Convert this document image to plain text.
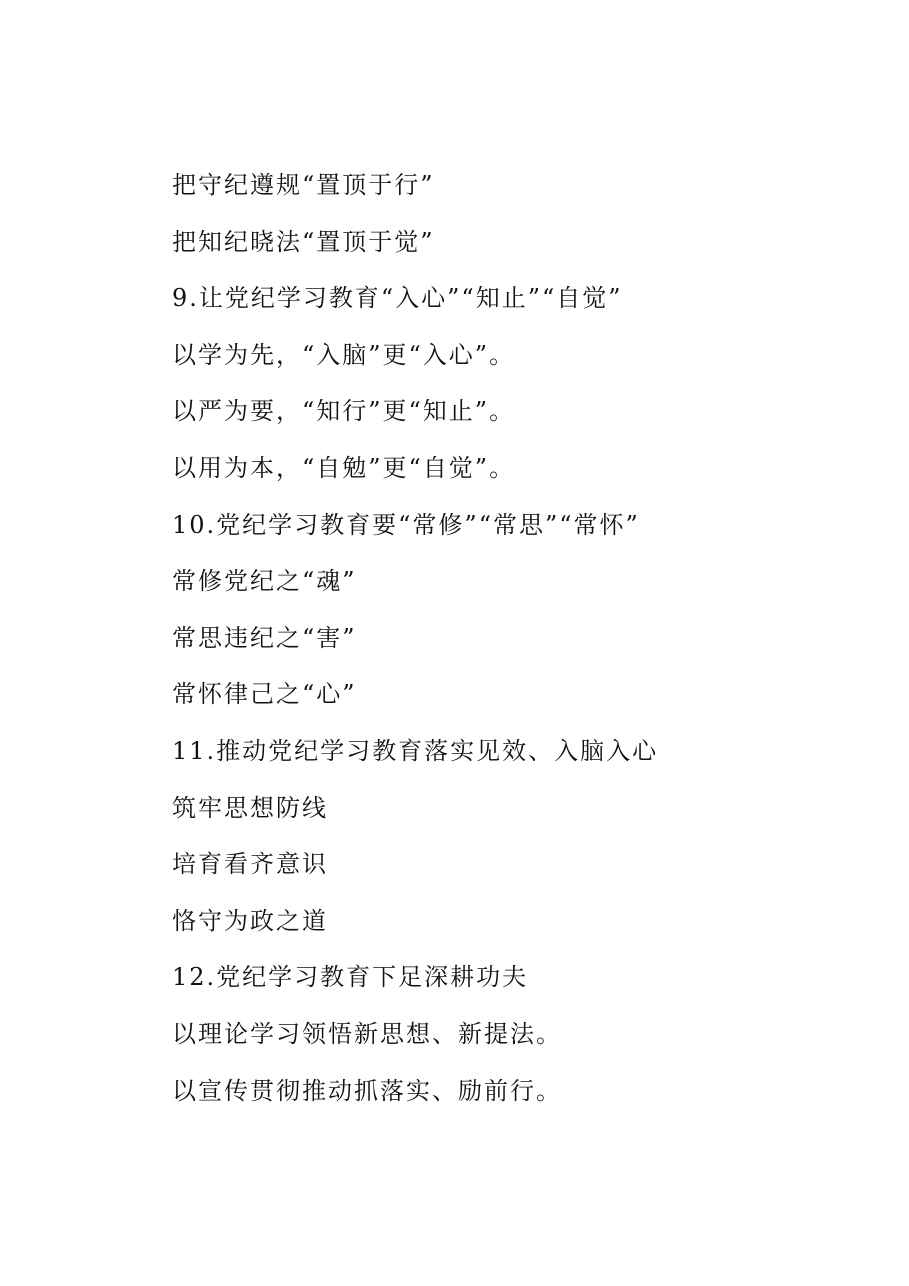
把守纪遵规“置顶于行”
把知纪晓法“置顶于觉”
9.让党纪学习教育“入心”“知止”“自觉”
以学为先，“入脑”更“入心”。
以严为要，“知行”更“知止”。
以用为本，“自勉”更“自觉”。
10.党纪学习教育要“常修”“常思”“常怀”
常修党纪之“魂”
常思违纪之“害”
常怀律己之“心”
11.推动党纪学习教育落实见效、入脑入心
筑牢思想防线
培育看齐意识
恪守为政之道
12.党纪学习教育下足深耕功夫
以理论学习领悟新思想、新提法。
以宣传贯彻推动抓落实、励前行。
